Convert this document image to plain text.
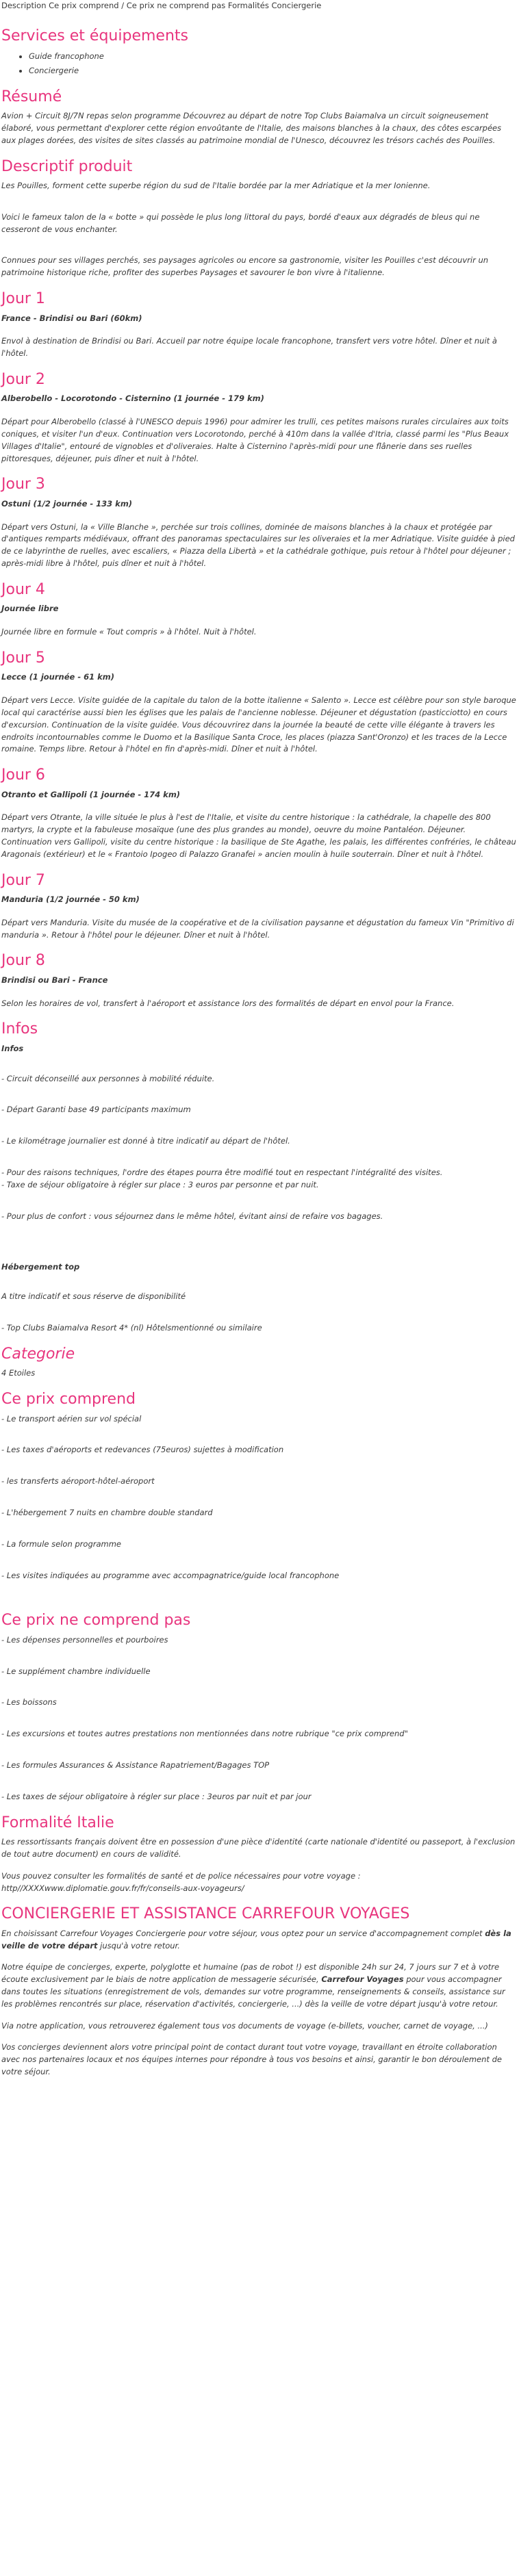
Description Ce prix comprend / Ce prix ne comprend pas Formalités Conciergerie
Services et équipements
• Guide francophone
• Conciergerie
Résumé

Avion + Circuit 8J/7N repas selon programme Découvrez au départ de notre Top Clubs Baiamalva un circuit soigneusement élaboré, vous permettant d'explorer cette région envoûtante de l'Italie, des maisons blanches à la chaux, des côtes escarpées aux plages dorées, des visites de sites classés au patrimoine mondial de l'Unesco, découvrez les trésors cachés des Pouilles.

Descriptif produit

Les Pouilles, forment cette superbe région du sud de l'Italie bordée par la mer Adriatique et la mer Ionienne.

Voici le fameux talon de la « botte » qui possède le plus long littoral du pays, bordé d'eaux aux dégradés de bleus qui ne cesseront de vous enchanter.

Connues pour ses villages perchés, ses paysages agricoles ou encore sa gastronomie, visiter les Pouilles c'est découvrir un patrimoine historique riche, profiter des superbes Paysages et savourer le bon vivre à l'italienne.

Jour 1
France - Brindisi ou Bari (60km)

Envol à destination de Brindisi ou Bari. Accueil par notre équipe locale francophone, transfert vers votre hôtel. Dîner et nuit à l'hôtel.

Jour 2
Alberobello - Locorotondo - Cisternino (1 journée - 179 km)

Départ pour Alberobello (classé à l'UNESCO depuis 1996) pour admirer les trulli, ces petites maisons rurales circulaires aux toits coniques, et visiter l'un d'eux. Continuation vers Locorotondo, perché à 410m dans la vallée d'Itria, classé parmi les "Plus Beaux Villages d'Italie", entouré de vignobles et d'oliveraies. Halte à Cisternino l'après-midi pour une flânerie dans ses ruelles pittoresques, déjeuner, puis dîner et nuit à l'hôtel.

Jour 3
Ostuni (1/2 journée - 133 km)

Départ vers Ostuni, la « Ville Blanche », perchée sur trois collines, dominée de maisons blanches à la chaux et protégée par d'antiques remparts médiévaux, offrant des panoramas spectaculaires sur les oliveraies et la mer Adriatique. Visite guidée à pied de ce labyrinthe de ruelles, avec escaliers, « Piazza della Libertà » et la cathédrale gothique, puis retour à l'hôtel pour déjeuner ; après-midi libre à l'hôtel, puis dîner et nuit à l'hôtel.

Jour 4
Journée libre

Journée libre en formule « Tout compris » à l'hôtel. Nuit à l'hôtel.

Jour 5
Lecce (1 journée - 61 km)

Départ vers Lecce. Visite guidée de la capitale du talon de la botte italienne « Salento ». Lecce est célèbre pour son style baroque local qui caractérise aussi bien les églises que les palais de l'ancienne noblesse. Déjeuner et dégustation (pasticciotto) en cours d'excursion. Continuation de la visite guidée. Vous découvrirez dans la journée la beauté de cette ville élégante à travers les endroits incontournables comme le Duomo et la Basilique Santa Croce, les places (piazza Sant'Oronzo) et les traces de la Lecce romaine. Temps libre. Retour à l'hôtel en fin d'après-midi. Dîner et nuit à l'hôtel.

Jour 6
Otranto et Gallipoli (1 journée - 174 km)

Départ vers Otrante, la ville située le plus à l'est de l'Italie, et visite du centre historique : la cathédrale, la chapelle des 800 martyrs, la crypte et la fabuleuse mosaïque (une des plus grandes au monde), oeuvre du moine Pantaléon. Déjeuner. Continuation vers Gallipoli, visite du centre historique : la basilique de Ste Agathe, les palais, les différentes confréries, le château Aragonais (extérieur) et le « Frantoio Ipogeo di Palazzo Granafei » ancien moulin à huile souterrain. Dîner et nuit à l'hôtel.

Jour 7
Manduria (1/2 journée - 50 km)

Départ vers Manduria. Visite du musée de la coopérative et de la civilisation paysanne et dégustation du fameux Vin "Primitivo di manduria ». Retour à l'hôtel pour le déjeuner. Dîner et nuit à l'hôtel.

Jour 8
Brindisi ou Bari - France

Selon les horaires de vol, transfert à l'aéroport et assistance lors des formalités de départ en envol pour la France.

Infos
Infos

- Circuit déconseillé aux personnes à mobilité réduite.

- Départ Garanti base 49 participants maximum

- Le kilométrage journalier est donné à titre indicatif au départ de l'hôtel.

- Pour des raisons techniques, l'ordre des étapes pourra être modifié tout en respectant l'intégralité des visites.

- Taxe de séjour obligatoire à régler sur place : 3 euros par personne et par nuit.

- Pour plus de confort : vous séjournez dans le même hôtel, évitant ainsi de refaire vos bagages.

Hébergement top

A titre indicatif et sous réserve de disponibilité

- Top Clubs Baiamalva Resort 4* (nl) Hôtelsmentionné ou similaire

Categorie

4 Etoiles

Ce prix comprend

- Le transport aérien sur vol spécial

- Les taxes d'aéroports et redevances (75euros) sujettes à modification

- les transferts aéroport-hôtel-aéroport

- L'hébergement 7 nuits en chambre double standard

- La formule selon programme

- Les visites indiquées au programme avec accompagnatrice/guide local francophone

Ce prix ne comprend pas

- Les dépenses personnelles et pourboires

- Le supplément chambre individuelle

- Les boissons

- Les excursions et toutes autres prestations non mentionnées dans notre rubrique "ce prix comprend"

- Les formules Assurances & Assistance Rapatriement/Bagages TOP

- Les taxes de séjour obligatoire à régler sur place : 3euros par nuit et par jour

Formalité Italie

Les ressortissants français doivent être en possession d'une pièce d'identité (carte nationale d'identité ou passeport, à l'exclusion de tout autre document) en cours de validité.

Vous pouvez consulter les formalités de santé et de police nécessaires pour votre voyage :

http//XXXXwww.diplomatie.gouv.fr/fr/conseils-aux-voyageurs/

CONCIERGERIE ET ASSISTANCE CARREFOUR VOYAGES

En choisissant Carrefour Voyages Conciergerie pour votre séjour, vous optez pour un service d'accompagnement complet dès la veille de votre départ jusqu'à votre retour.

Notre équipe de concierges, experte, polyglotte et humaine (pas de robot !) est disponible 24h sur 24, 7 jours sur 7 et à votre écoute exclusivement par le biais de notre application de messagerie sécurisée, Carrefour Voyages pour vous accompagner dans toutes les situations (enregistrement de vols, demandes sur votre programme, renseignements & conseils, assistance sur les problèmes rencontrés sur place, réservation d'activités, conciergerie, ...) dès la veille de votre départ jusqu'à votre retour.

Via notre application, vous retrouverez également tous vos documents de voyage (e-billets, voucher, carnet de voyage, ...)

Vos concierges deviennent alors votre principal point de contact durant tout votre voyage, travaillant en étroite collaboration avec nos partenaires locaux et nos équipes internes pour répondre à tous vos besoins et ainsi, garantir le bon déroulement de votre séjour.
